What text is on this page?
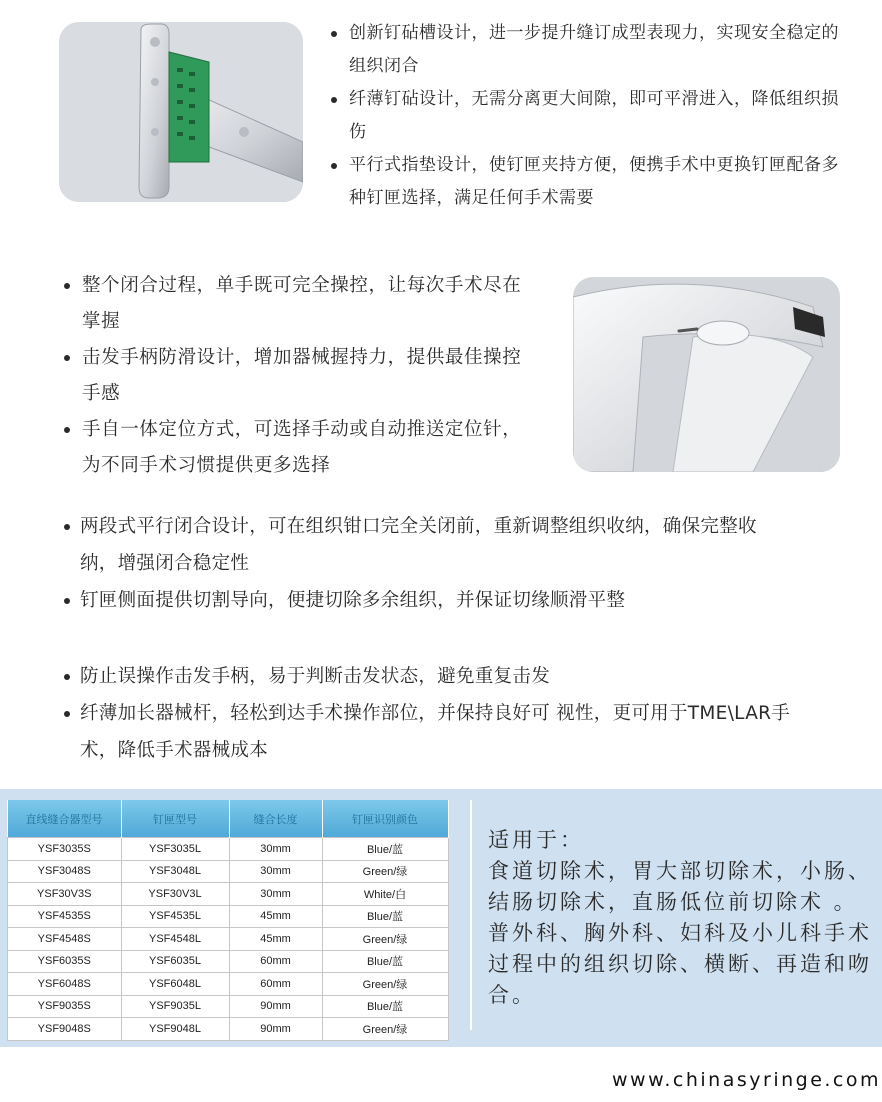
创新钉砧槽设计，进一步提升缝订成型表现力，实现安全稳定的组织闭合
纤薄钉砧设计，无需分离更大间隙，即可平滑进入，降低组织损伤
平行式指垫设计，使钉匣夹持方便，便携手术中更换钉匣配备多种钉匣选择，满足任何手术需要
整个闭合过程，单手既可完全操控，让每次手术尽在掌握
击发手柄防滑设计，增加器械握持力，提供最佳操控手感
手自一体定位方式，可选择手动或自动推送定位针，为不同手术习惯提供更多选择
两段式平行闭合设计，可在组织钳口完全关闭前，重新调整组织收纳，确保完整收纳，增强闭合稳定性
钉匣侧面提供切割导向，便捷切除多余组织，并保证切缘顺滑平整
防止误操作击发手柄，易于判断击发状态，避免重复击发
纤薄加长器械杆，轻松到达手术操作部位，并保持良好可 视性，更可用于TME\LAR手术，降低手术器械成本
直线缝合器型号	钉匣型号	缝合长度	钉匣识别颜色
YSF3035S	YSF3035L	30mm	Blue/蓝
YSF3048S	YSF3048L	30mm	Green/绿
YSF30V3S	YSF30V3L	30mm	White/白
YSF4535S	YSF4535L	45mm	Blue/蓝
YSF4548S	YSF4548L	45mm	Green/绿
YSF6035S	YSF6035L	60mm	Blue/蓝
YSF6048S	YSF6048L	60mm	Green/绿
YSF9035S	YSF9035L	90mm	Blue/蓝
YSF9048S	YSF9048L	90mm	Green/绿
适用于：
食道切除术，胃大部切除术，小肠、结肠切除术，直肠低位前切除术 。普外科、胸外科、妇科及小儿科手术过程中的组织切除、横断、再造和吻合。
www.chinasyringe.com
